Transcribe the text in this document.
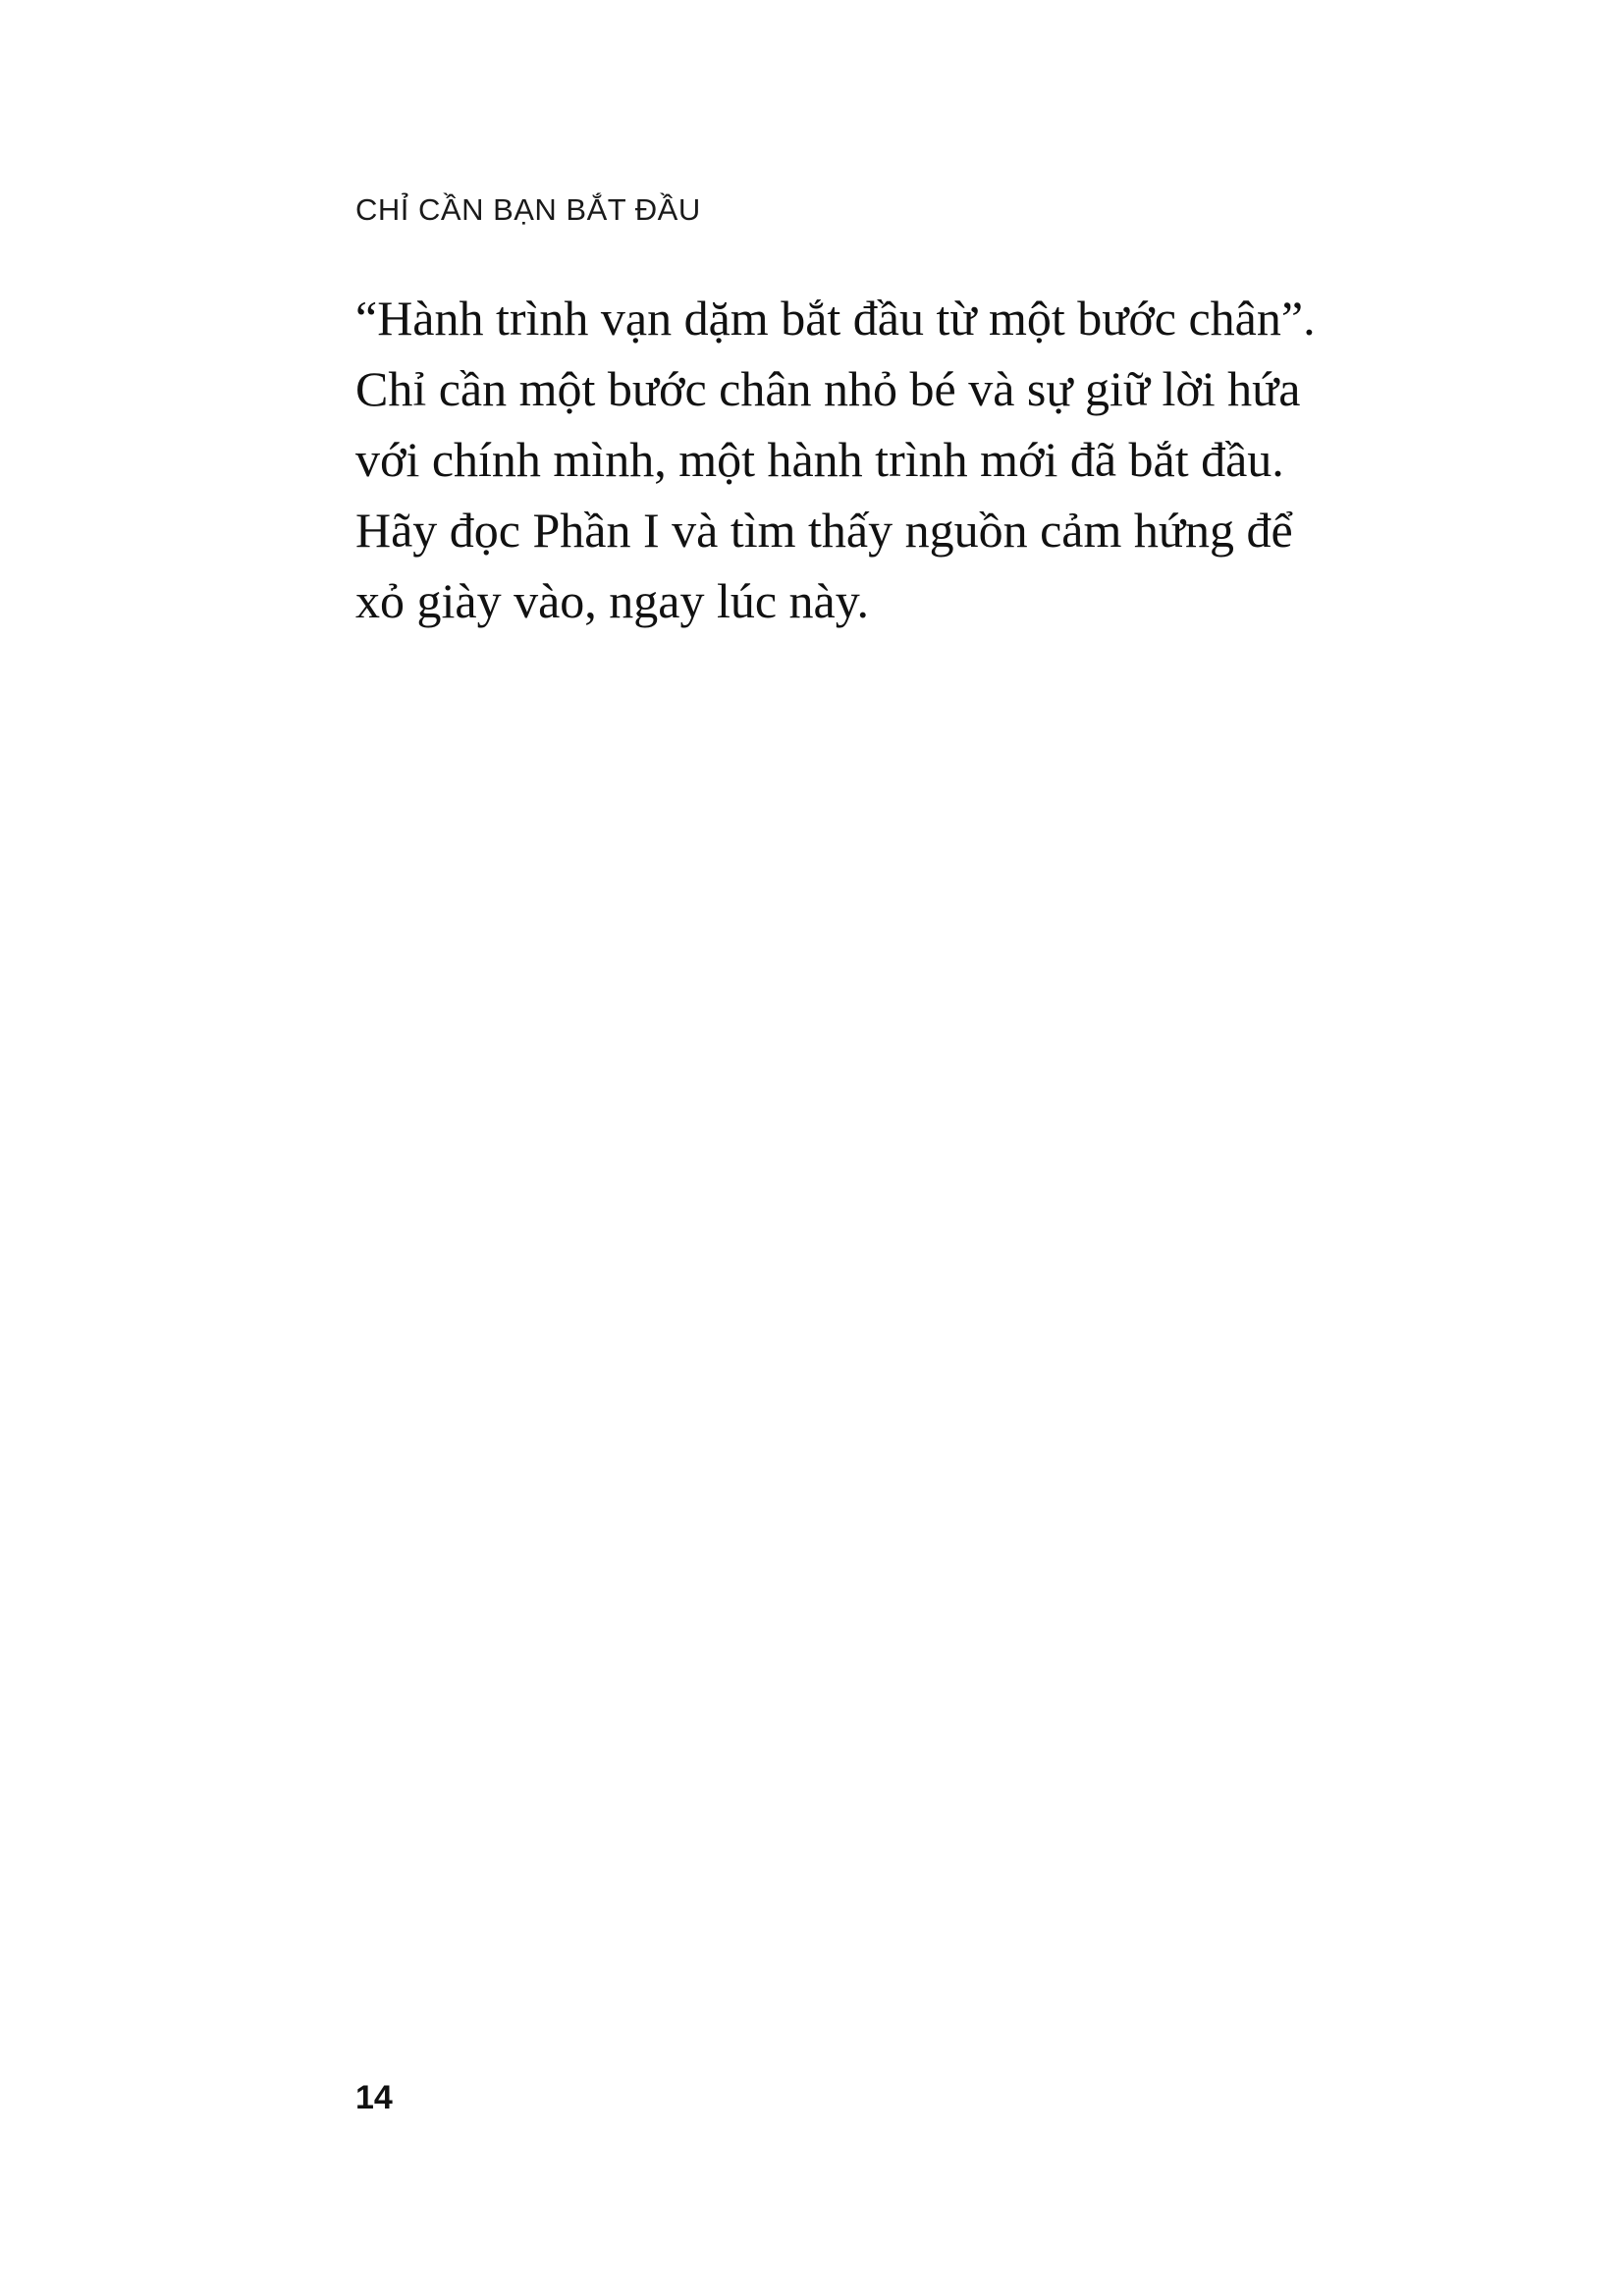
CHỈ CẦN BẠN BẮT ĐẦU

“Hành trình vạn dặm bắt đầu từ một bước chân”.
Chỉ cần một bước chân nhỏ bé và sự giữ lời hứa
với chính mình, một hành trình mới đã bắt đầu.
Hãy đọc Phần I và tìm thấy nguồn cảm hứng để
xỏ giày vào, ngay lúc này.

14
